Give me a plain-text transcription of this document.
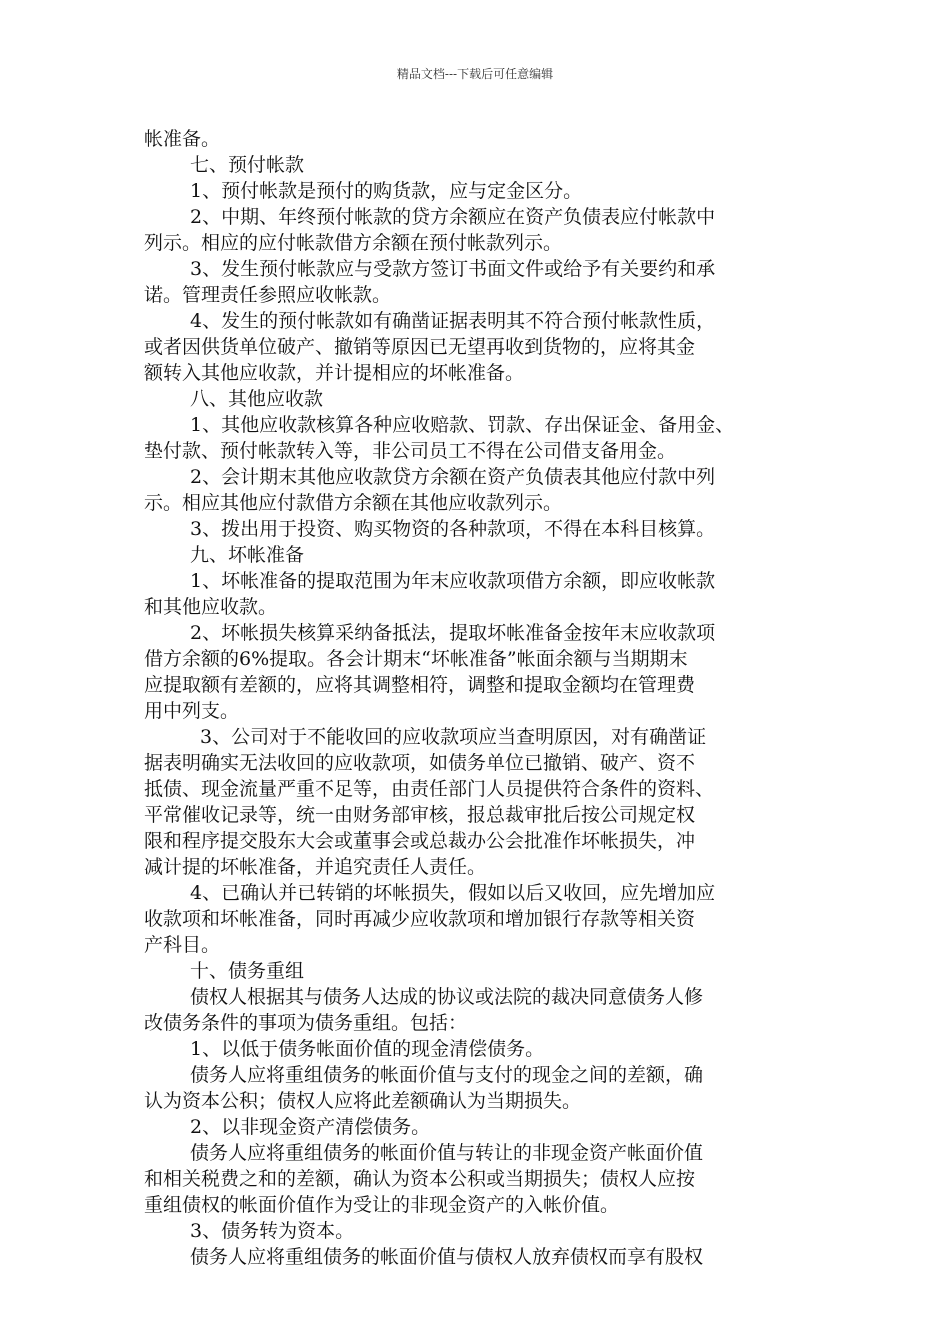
精品文档---下载后可任意编辑
帐准备。
七、预付帐款
1、预付帐款是预付的购货款，应与定金区分。
2、中期、年终预付帐款的贷方余额应在资产负债表应付帐款中
列示。相应的应付帐款借方余额在预付帐款列示。
3、发生预付帐款应与受款方签订书面文件或给予有关要约和承
诺。管理责任参照应收帐款。
4、发生的预付帐款如有确凿证据表明其不符合预付帐款性质，
或者因供货单位破产、撤销等原因已无望再收到货物的，应将其金
额转入其他应收款，并计提相应的坏帐准备。
八、其他应收款
1、其他应收款核算各种应收赔款、罚款、存出保证金、备用金、
垫付款、预付帐款转入等，非公司员工不得在公司借支备用金。
2、会计期末其他应收款贷方余额在资产负债表其他应付款中列
示。相应其他应付款借方余额在其他应收款列示。
3、拨出用于投资、购买物资的各种款项，不得在本科目核算。
九、坏帐准备
1、坏帐准备的提取范围为年末应收款项借方余额，即应收帐款
和其他应收款。
2、坏帐损失核算采纳备抵法，提取坏帐准备金按年末应收款项
借方余额的6%提取。各会计期末“坏帐准备”帐面余额与当期期末
应提取额有差额的，应将其调整相符，调整和提取金额均在管理费
用中列支。
3、公司对于不能收回的应收款项应当查明原因，对有确凿证
据表明确实无法收回的应收款项，如债务单位已撤销、破产、资不
抵债、现金流量严重不足等，由责任部门人员提供符合条件的资料、
平常催收记录等，统一由财务部审核，报总裁审批后按公司规定权
限和程序提交股东大会或董事会或总裁办公会批准作坏帐损失，冲
减计提的坏帐准备，并追究责任人责任。
4、已确认并已转销的坏帐损失，假如以后又收回，应先增加应
收款项和坏帐准备，同时再减少应收款项和增加银行存款等相关资
产科目。
十、债务重组
债权人根据其与债务人达成的协议或法院的裁决同意债务人修
改债务条件的事项为债务重组。包括：
1、以低于债务帐面价值的现金清偿债务。
债务人应将重组债务的帐面价值与支付的现金之间的差额，确
认为资本公积；债权人应将此差额确认为当期损失。
2、以非现金资产清偿债务。
债务人应将重组债务的帐面价值与转让的非现金资产帐面价值
和相关税费之和的差额，确认为资本公积或当期损失；债权人应按
重组债权的帐面价值作为受让的非现金资产的入帐价值。
3、债务转为资本。
债务人应将重组债务的帐面价值与债权人放弃债权而享有股权
